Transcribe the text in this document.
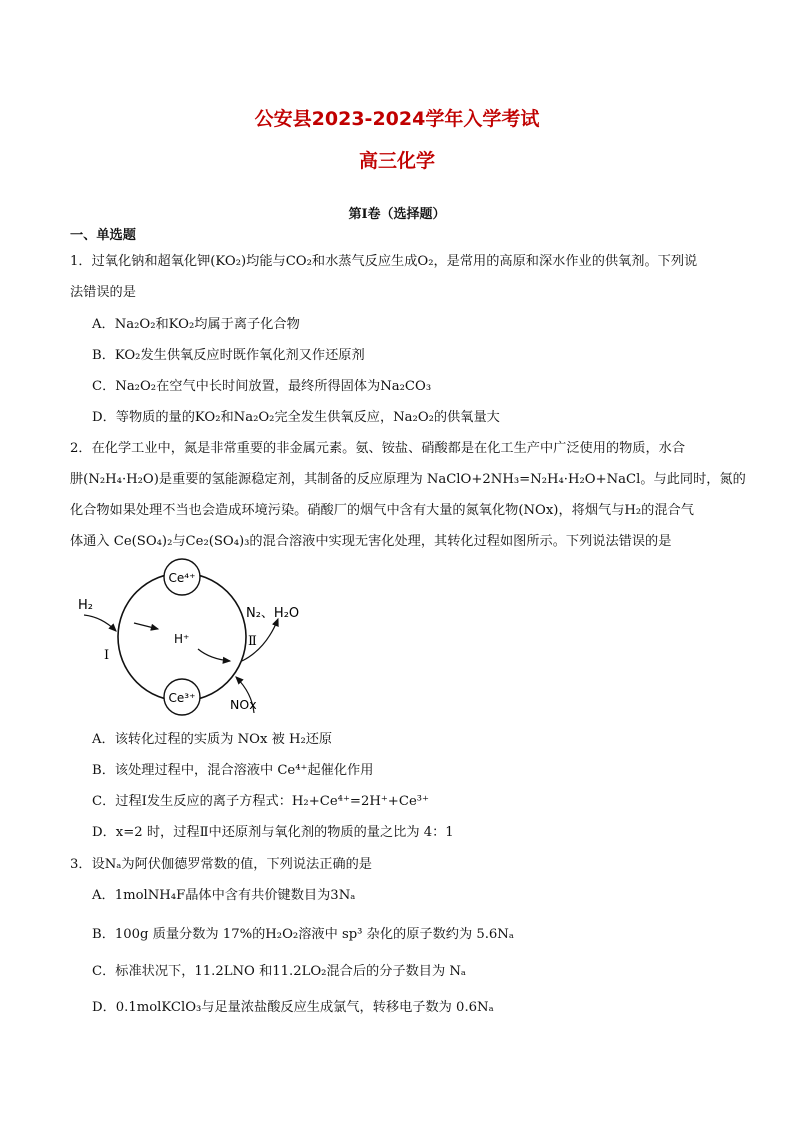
公安县2023-2024学年入学考试
高三化学
第Ⅰ卷（选择题）
一、单选题
1．过氧化钠和超氧化钾(KO₂)均能与CO₂和水蒸气反应生成O₂，是常用的高原和深水作业的供氧剂。下列说
法错误的是
A．Na₂O₂和KO₂均属于离子化合物
B．KO₂发生供氧反应时既作氧化剂又作还原剂
C．Na₂O₂在空气中长时间放置，最终所得固体为Na₂CO₃
D．等物质的量的KO₂和Na₂O₂完全发生供氧反应，Na₂O₂的供氧量大
2．在化学工业中，氮是非常重要的非金属元素。氨、铵盐、硝酸都是在化工生产中广泛使用的物质，水合
肼(N₂H₄·H₂O)是重要的氢能源稳定剂，其制备的反应原理为 NaClO+2NH₃=N₂H₄·H₂O+NaCl。与此同时，氮的
化合物如果处理不当也会造成环境污染。硝酸厂的烟气中含有大量的氮氧化物(NOx)，将烟气与H₂的混合气
体通入 Ce(SO₄)₂与Ce₂(SO₄)₃的混合溶液中实现无害化处理，其转化过程如图所示。下列说法错误的是
Ce⁴⁺
Ce³⁺
H₂
H⁺
N₂、H₂O
Ⅱ
Ⅰ
NOx
A．该转化过程的实质为 NOx 被 H₂还原
B．该处理过程中，混合溶液中 Ce⁴⁺起催化作用
C．过程Ⅰ发生反应的离子方程式：H₂+Ce⁴⁺=2H⁺+Ce³⁺
D．x=2 时，过程Ⅱ中还原剂与氧化剂的物质的量之比为 4：1
3．设Nₐ为阿伏伽德罗常数的值，下列说法正确的是
A．1molNH₄F晶体中含有共价键数目为3Nₐ
B．100g 质量分数为 17%的H₂O₂溶液中 sp³ 杂化的原子数约为 5.6Nₐ
C．标准状况下，11.2LNO 和11.2LO₂混合后的分子数目为 Nₐ
D．0.1molKClO₃与足量浓盐酸反应生成氯气，转移电子数为 0.6Nₐ
